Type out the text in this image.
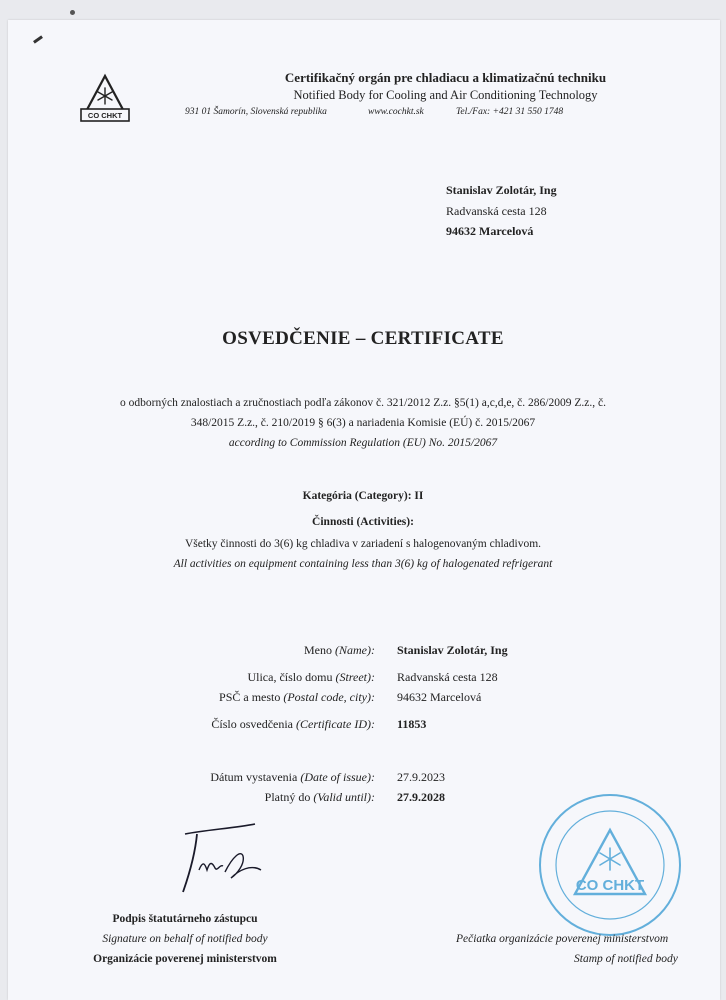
CO CHKT
Certifikačný orgán pre chladiacu a klimatizačnú techniku
Notified Body for Cooling and Air Conditioning Technology
931 01 Šamorín, Slovenská republika	www.cochkt.sk	Tel./Fax: +421 31 550 1748
Stanislav Zolotár, Ing
Radvanská cesta 128
94632 Marcelová
OSVEDČENIE – CERTIFICATE
o odborných znalostiach a zručnostiach podľa zákonov č. 321/2012 Z.z. §5(1) a,c,d,e, č. 286/2009 Z.z., č.
348/2015 Z.z., č. 210/2019 § 6(3) a nariadenia Komisie (EÚ) č. 2015/2067
according to Commission Regulation (EU) No. 2015/2067
Kategória (Category): II
Činnosti (Activities):
Všetky činnosti do 3(6) kg chladiva v zariadení s halogenovaným chladivom.
All activities on equipment containing less than 3(6) kg of halogenated refrigerant
Meno (Name): Stanislav Zolotár, Ing
Ulica, číslo domu (Street): Radvanská cesta 128
PSČ a mesto (Postal code, city): 94632 Marcelová
Číslo osvedčenia (Certificate ID): 11853
Dátum vystavenia (Date of issue): 27.9.2023
Platný do (Valid until): 27.9.2028
Podpis štatutárneho zástupcu
Signature on behalf of notified body
Organizácie poverenej ministerstvom
CO CHKT
Pečiatka organizácie poverenej ministerstvom
Stamp of notified body
